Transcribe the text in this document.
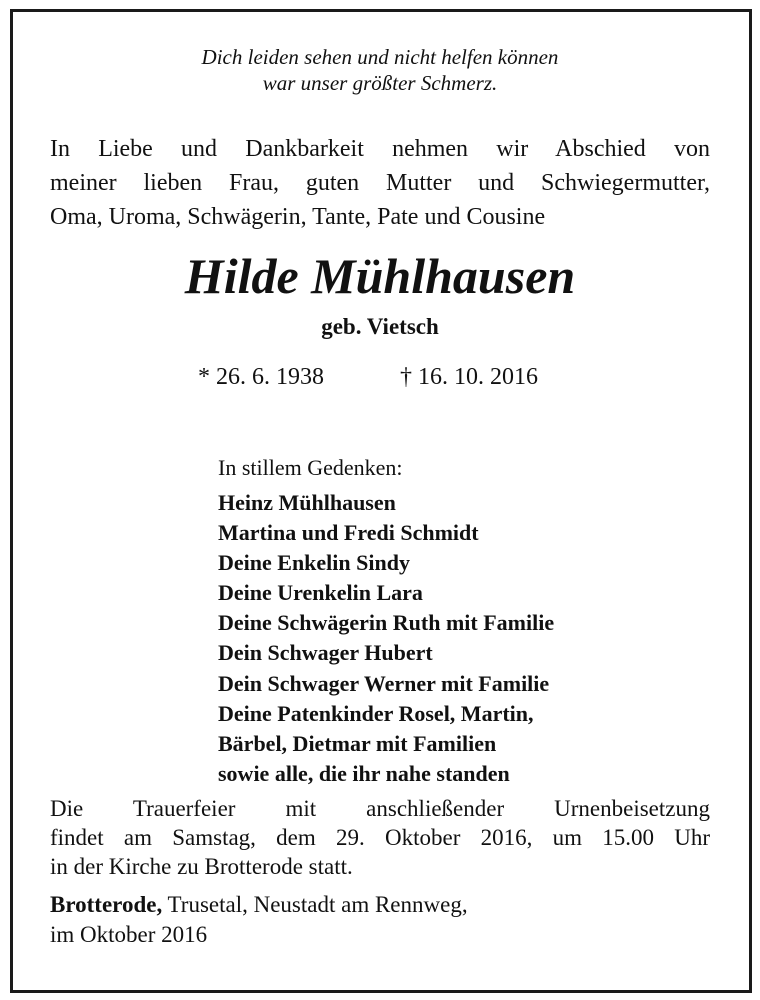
Dich leiden sehen und nicht helfen können
war unser größter Schmerz.
In Liebe und Dankbarkeit nehmen wir Abschied von
meiner lieben Frau, guten Mutter und Schwiegermutter,
Oma, Uroma, Schwägerin, Tante, Pate und Cousine
Hilde Mühlhausen
geb. Vietsch
* 26. 6. 1938	† 16. 10. 2016
In stillem Gedenken:
Heinz Mühlhausen
Martina und Fredi Schmidt
Deine Enkelin Sindy
Deine Urenkelin Lara
Deine Schwägerin Ruth mit Familie
Dein Schwager Hubert
Dein Schwager Werner mit Familie
Deine Patenkinder Rosel, Martin,
Bärbel, Dietmar mit Familien
sowie alle, die ihr nahe standen
Die Trauerfeier mit anschließender Urnenbeisetzung
findet am Samstag, dem 29. Oktober 2016, um 15.00 Uhr
in der Kirche zu Brotterode statt.
Brotterode, Trusetal, Neustadt am Rennweg,
im Oktober 2016
